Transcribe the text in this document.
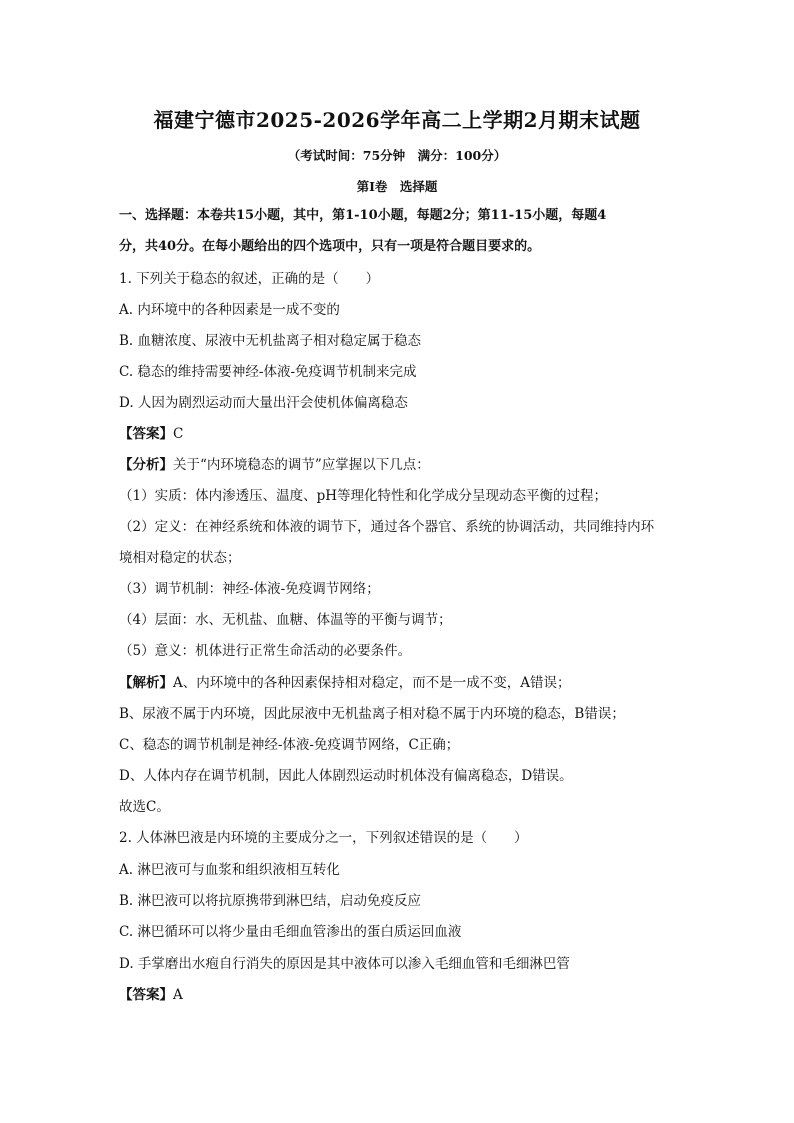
福建宁德市2025-2026学年高二上学期2月期末试题
（考试时间：75分钟　满分：100分）
第Ⅰ卷　选择题
一、选择题：本卷共15小题，其中，第1-10小题，每题2分；第11-15小题，每题4
分，共40分。在每小题给出的四个选项中，只有一项是符合题目要求的。
1. 下列关于稳态的叙述，正确的是（　　）
A. 内环境中的各种因素是一成不变的
B. 血糖浓度、尿液中无机盐离子相对稳定属于稳态
C. 稳态的维持需要神经-体液-免疫调节机制来完成
D. 人因为剧烈运动而大量出汗会使机体偏离稳态
【答案】C
【分析】关于“内环境稳态的调节”应掌握以下几点：
（1）实质：体内渗透压、温度、pH等理化特性和化学成分呈现动态平衡的过程；
（2）定义：在神经系统和体液的调节下，通过各个器官、系统的协调活动，共同维持内环
境相对稳定的状态；
（3）调节机制：神经-体液-免疫调节网络；
（4）层面：水、无机盐、血糖、体温等的平衡与调节；
（5）意义：机体进行正常生命活动的必要条件。
【解析】A、内环境中的各种因素保持相对稳定，而不是一成不变，A错误；
B、尿液不属于内环境，因此尿液中无机盐离子相对稳不属于内环境的稳态，B错误；
C、稳态的调节机制是神经-体液-免疫调节网络，C正确；
D、人体内存在调节机制，因此人体剧烈运动时机体没有偏离稳态，D错误。
故选C。
2. 人体淋巴液是内环境的主要成分之一，下列叙述错误的是（　　）
A. 淋巴液可与血浆和组织液相互转化
B. 淋巴液可以将抗原携带到淋巴结，启动免疫反应
C. 淋巴循环可以将少量由毛细血管渗出的蛋白质运回血液
D. 手掌磨出水疱自行消失的原因是其中液体可以渗入毛细血管和毛细淋巴管
【答案】A
